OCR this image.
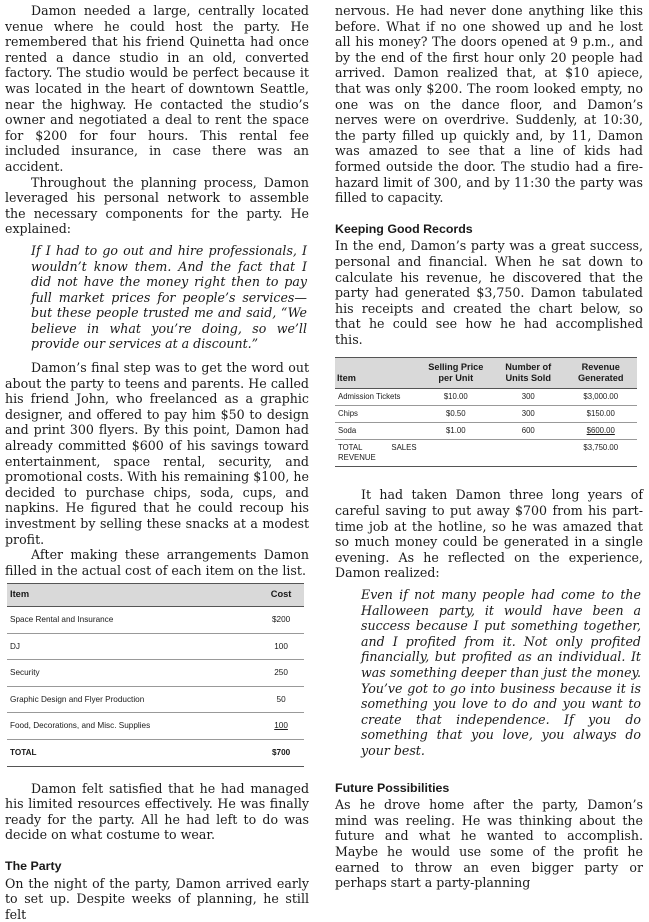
Damon needed a large, centrally located venue where he could host the party. He remembered that his friend Quinetta had once rented a dance studio in an old, converted factory. The studio would be perfect because it was located in the heart of downtown Seattle, near the highway. He contacted the studio’s owner and negotiated a deal to rent the space for $200 for four hours. This rental fee included insurance, in case there was an accident.

Throughout the planning process, Damon leveraged his personal network to assemble the necessary components for the party. He explained:

If I had to go out and hire professionals, I wouldn’t know them. And the fact that I did not have the money right then to pay full market prices for people’s services—but these people trusted me and said, “We believe in what you’re doing, so we’ll provide our services at a discount.”

Damon’s final step was to get the word out about the party to teens and parents. He called his friend John, who freelanced as a graphic designer, and offered to pay him $50 to design and print 300 flyers. By this point, Damon had already committed $600 of his savings toward entertainment, space rental, security, and promotional costs. With his remaining $100, he decided to purchase chips, soda, cups, and napkins. He figured that he could recoup his investment by selling these snacks at a modest profit.

After making these arrangements Damon filled in the actual cost of each item on the list.

Item	Cost
Space Rental and Insurance	$200
DJ	100
Security	250
Graphic Design and Flyer Production	50
Food, Decorations, and Misc. Supplies	100
TOTAL	$700

Damon felt satisfied that he had managed his limited resources effectively. He was finally ready for the party. All he had left to do was decide on what costume to wear.

The Party

On the night of the party, Damon arrived early to set up. Despite weeks of planning, he still felt

nervous. He had never done anything like this before. What if no one showed up and he lost all his money? The doors opened at 9 p.m., and by the end of the first hour only 20 people had arrived. Damon realized that, at $10 apiece, that was only $200. The room looked empty, no one was on the dance floor, and Damon’s nerves were on overdrive. Suddenly, at 10:30, the party filled up quickly and, by 11, Damon was amazed to see that a line of kids had formed outside the door. The studio had a fire-hazard limit of 300, and by 11:30 the party was filled to capacity.

Keeping Good Records

In the end, Damon’s party was a great success, personal and financial. When he sat down to calculate his revenue, he discovered that the party had generated $3,750. Damon tabulated his receipts and created the chart below, so that he could see how he had accomplished this.

Item	Selling Price per Unit	Number of Units Sold	Revenue Generated
Admission Tickets	$10.00	300	$3,000.00
Chips	$0.50	300	$150.00
Soda	$1.00	600	$600.00
TOTAL SALES REVENUE			$3,750.00

It had taken Damon three long years of careful saving to put away $700 from his part-time job at the hotline, so he was amazed that so much money could be generated in a single evening. As he reflected on the experience, Damon realized:

Even if not many people had come to the Halloween party, it would have been a success because I put something together, and I profited from it. Not only profited financially, but profited as an individual. It was something deeper than just the money. You’ve got to go into business because it is something you love to do and you want to create that independence. If you do something that you love, you always do your best.

Future Possibilities

As he drove home after the party, Damon’s mind was reeling. He was thinking about the future and what he wanted to accomplish. Maybe he would use some of the profit he earned to throw an even bigger party or perhaps start a party-planning
